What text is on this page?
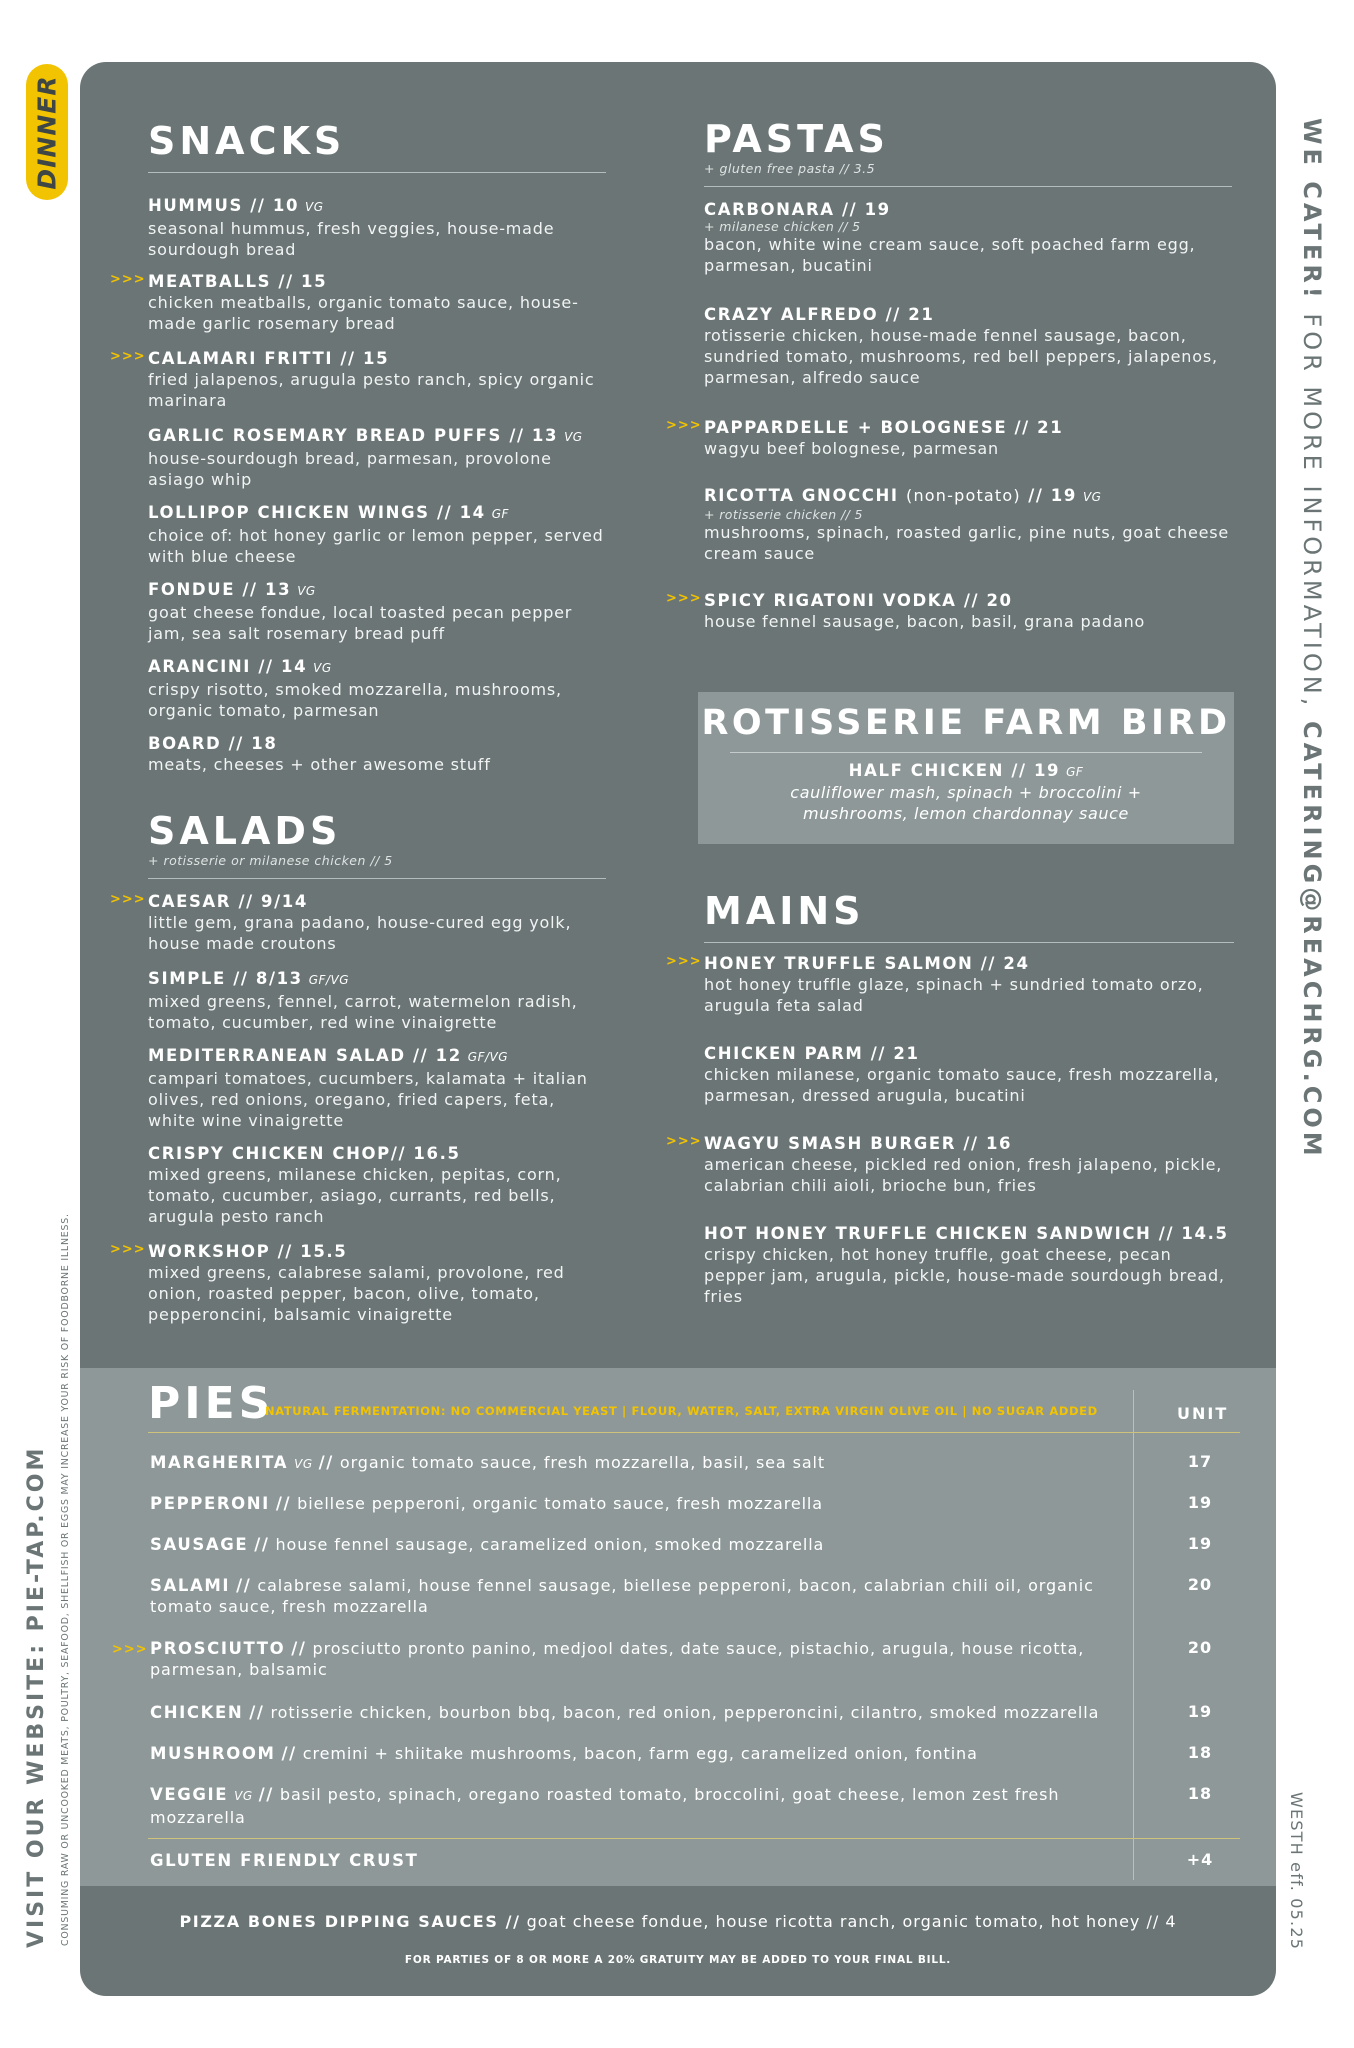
DINNER SNACKS
HUMMUS // 10 VG
seasonal hummus, fresh veggies, house-made sourdough bread
>>> MEATBALLS // 15
chicken meatballs, organic tomato sauce, house-made garlic rosemary bread
>>> CALAMARI FRITTI // 15
fried jalapenos, arugula pesto ranch, spicy organic marinara
GARLIC ROSEMARY BREAD PUFFS // 13 VG
house-sourdough bread, parmesan, provolone asiago whip
LOLLIPOP CHICKEN WINGS // 14 GF
choice of: hot honey garlic or lemon pepper, served with blue cheese
FONDUE // 13 VG
goat cheese fondue, local toasted pecan pepper jam, sea salt rosemary bread puff
ARANCINI // 14 VG
crispy risotto, smoked mozzarella, mushrooms, organic tomato, parmesan
BOARD // 18
meats, cheeses + other awesome stuff
SALADS
+ rotisserie or milanese chicken // 5
>>> CAESAR // 9/14
little gem, grana padano, house-cured egg yolk, house made croutons
SIMPLE // 8/13 GF/VG
mixed greens, fennel, carrot, watermelon radish, tomato, cucumber, red wine vinaigrette
MEDITERRANEAN SALAD // 12 GF/VG
campari tomatoes, cucumbers, kalamata + italian olives, red onions, oregano, fried capers, feta, white wine vinaigrette
CRISPY CHICKEN CHOP// 16.5
mixed greens, milanese chicken, pepitas, corn, tomato, cucumber, asiago, currants, red bells, arugula pesto ranch
>>> WORKSHOP // 15.5
mixed greens, calabrese salami, provolone, red onion, roasted pepper, bacon, olive, tomato, pepperoncini, balsamic vinaigrette
PASTAS
+ gluten free pasta // 3.5
CARBONARA // 19
+ milanese chicken // 5
bacon, white wine cream sauce, soft poached farm egg, parmesan, bucatini
CRAZY ALFREDO // 21
rotisserie chicken, house-made fennel sausage, bacon, sundried tomato, mushrooms, red bell peppers, jalapenos, parmesan, alfredo sauce
>>> PAPPARDELLE + BOLOGNESE // 21
wagyu beef bolognese, parmesan
RICOTTA GNOCCHI (non-potato) // 19 VG
+ rotisserie chicken // 5
mushrooms, spinach, roasted garlic, pine nuts, goat cheese cream sauce
>>> SPICY RIGATONI VODKA // 20
house fennel sausage, bacon, basil, grana padano
ROTISSERIE FARM BIRD
HALF CHICKEN // 19 GF
cauliflower mash, spinach + broccolini + mushrooms, lemon chardonnay sauce
MAINS
>>> HONEY TRUFFLE SALMON // 24
hot honey truffle glaze, spinach + sundried tomato orzo, arugula feta salad
CHICKEN PARM // 21
chicken milanese, organic tomato sauce, fresh mozzarella, parmesan, dressed arugula, bucatini
>>> WAGYU SMASH BURGER // 16
american cheese, pickled red onion, fresh jalapeno, pickle, calabrian chili aioli, brioche bun, fries
HOT HONEY TRUFFLE CHICKEN SANDWICH // 14.5
crispy chicken, hot honey truffle, goat cheese, pecan pepper jam, arugula, pickle, house-made sourdough bread, fries
PIES
NATURAL FERMENTATION: NO COMMERCIAL YEAST | FLOUR, WATER, SALT, EXTRA VIRGIN OLIVE OIL | NO SUGAR ADDED	UNIT
MARGHERITA VG // organic tomato sauce, fresh mozzarella, basil, sea salt	17
PEPPERONI // biellese pepperoni, organic tomato sauce, fresh mozzarella	19
SAUSAGE // house fennel sausage, caramelized onion, smoked mozzarella	19
SALAMI // calabrese salami, house fennel sausage, biellese pepperoni, bacon, calabrian chili oil, organic tomato sauce, fresh mozzarella
20
>>> PROSCIUTTO // prosciutto pronto panino, medjool dates, date sauce, pistachio, arugula, house ricotta, parmesan, balsamic
20
CHICKEN // rotisserie chicken, bourbon bbq, bacon, red onion, pepperoncini, cilantro, smoked mozzarella	19
MUSHROOM // cremini + shiitake mushrooms, bacon, farm egg, caramelized onion, fontina	18
VEGGIE VG // basil pesto, spinach, oregano roasted tomato, broccolini, goat cheese, lemon zest fresh mozzarella
18
GLUTEN FRIENDLY CRUST	+4
PIZZA BONES DIPPING SAUCES // goat cheese fondue, house ricotta ranch, organic tomato, hot honey // 4
FOR PARTIES OF 8 OR MORE A 20% GRATUITY MAY BE ADDED TO YOUR FINAL BILL.
WE CATER! FOR MORE INFORMATION, CATERING@REACHRG.COM
WESTH eff. 05.25
VISIT OUR WEBSITE: PIE-TAP.COM CONSUMING RAW OR UNCOOKED MEATS, POULTRY, SEAFOOD, SHELLFISH OR EGGS MAY INCREASE YOUR RISK OF FOODBORNE ILLNESS.
